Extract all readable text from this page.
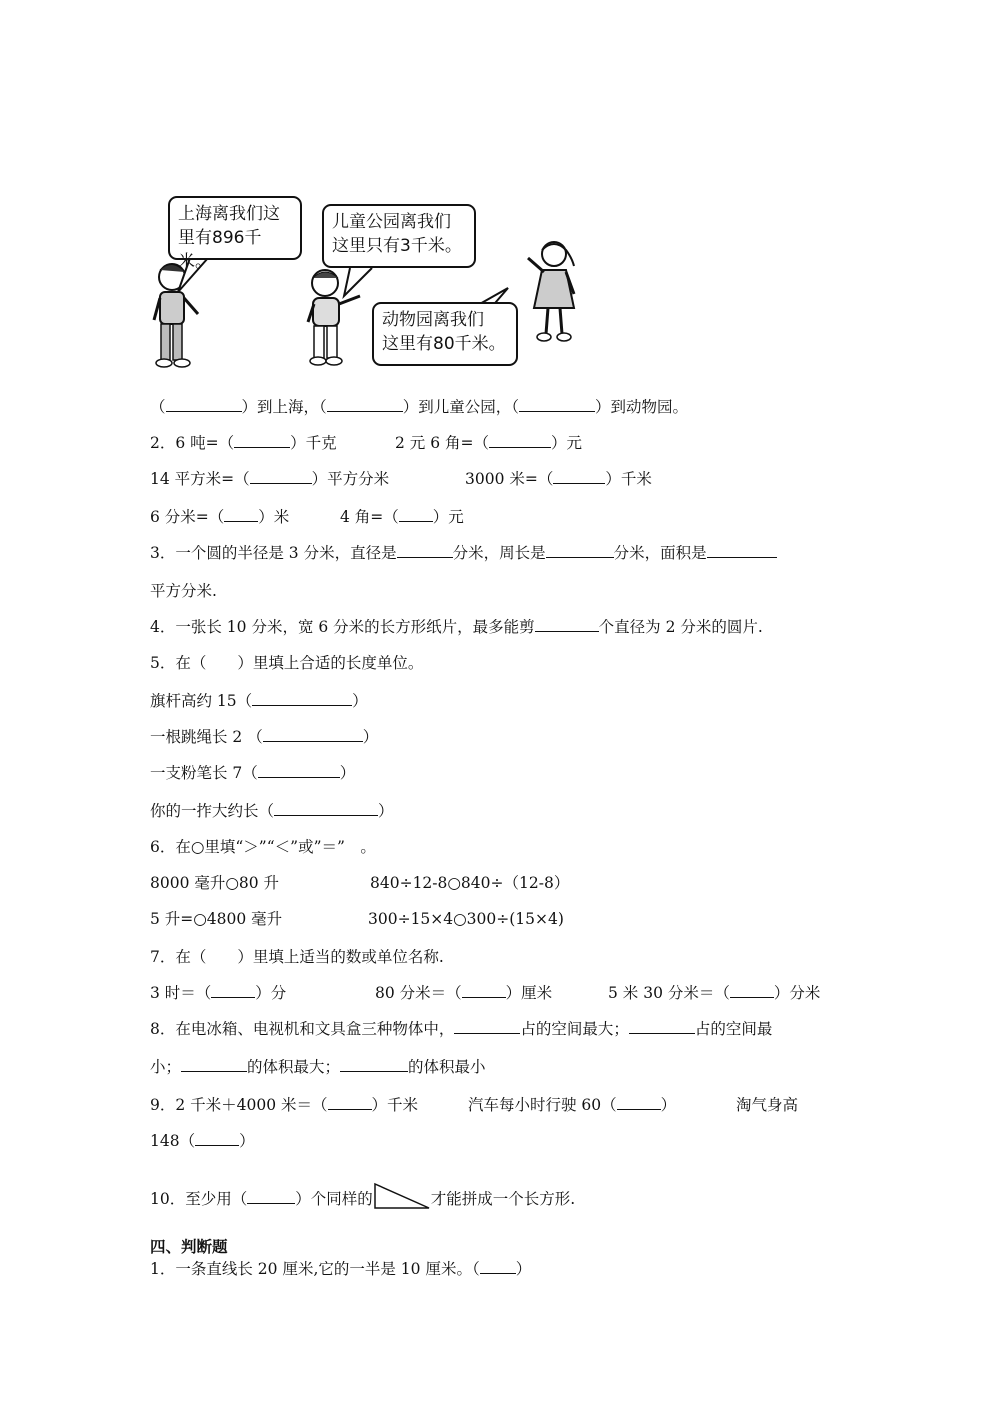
上海离我们这
里有896千米。
儿童公园离我们
这里只有3千米。
动物园离我们
这里有80千米。
（	）到上海，（	）到儿童公园，（	）到动物园。
2．6 吨=（	）千克	2 元 6 角=（	）元
14 平方米=（	）平方分米	3000 米=（	）千米
6 分米=（ ）米	4 角=（ ）元
3．一个圆的半径是 3 分米，直径是	分米，周长是	分米，面积是
平方分米.
4．一张长 10 分米，宽 6 分米的长方形纸片，最多能剪	个直径为 2 分米的圆片.
5．在（　　）里填上合适的长度单位。
旗杆高约 15（	）
一根跳绳长 2 （	）
一支粉笔长 7（	）
你的一拃大约长（	）
6．在○里填“＞”“＜”或”＝”　。
8000 毫升○80 升	840÷12-8○840÷（12-8）
5 升=○4800 毫升	300÷15×4○300÷(15×4)
7．在（　　）里填上适当的数或单位名称.
3 时＝（	）分	80 分米＝（	）厘米	5 米 30 分米＝（	）分米
8．在电冰箱、电视机和文具盒三种物体中，	占的空间最大；	占的空间最
小；	的体积最大；	的体积最小
9．2 千米＋4000 米＝（	）千米	汽车每小时行驶 60（	）	淘气身高
148（	）
10．至少用（	）个同样的	才能拼成一个长方形.
四、判断题
1．一条直线长 20 厘米,它的一半是 10 厘米。（ ）
